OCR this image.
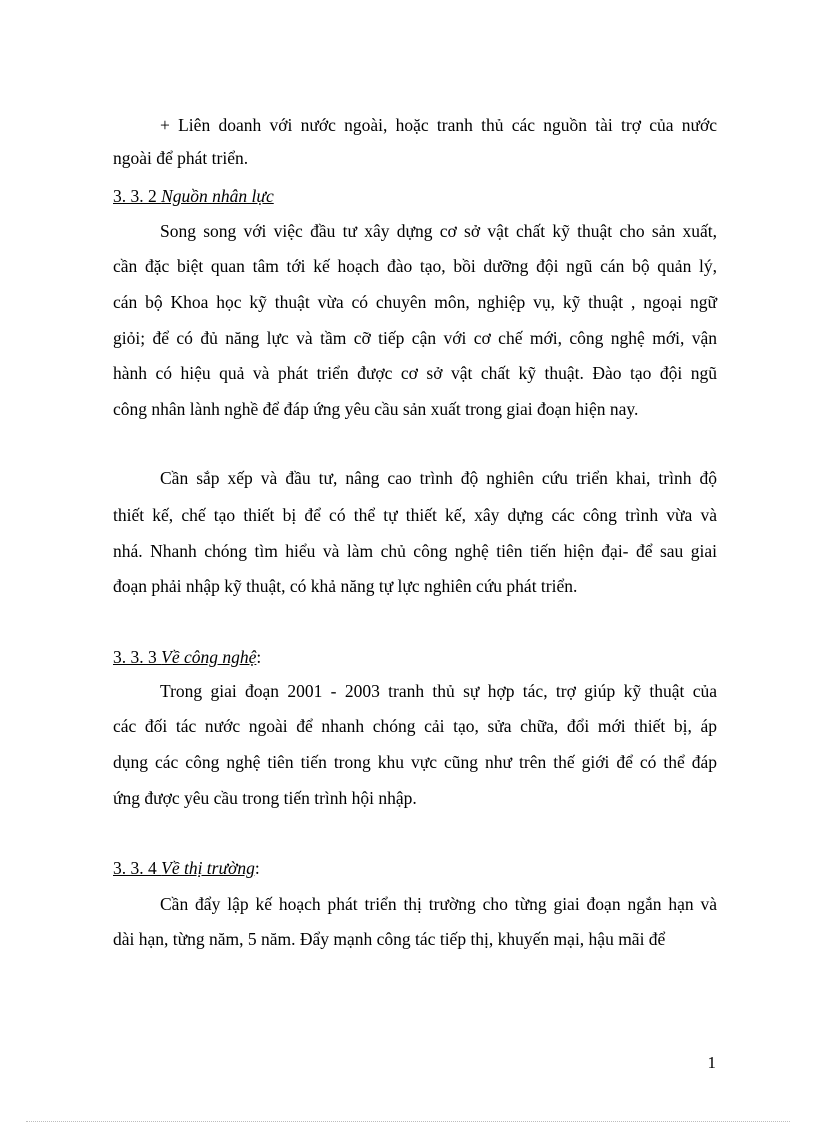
+ Liên doanh với nước ngoài, hoặc tranh thủ các nguồn tài trợ của nước
ngoài để phát triển.
3. 3. 2 Nguồn nhân lực
Song song với việc đầu tư xây dựng cơ sở vật chất kỹ thuật cho sản xuất,
cần đặc biệt quan tâm tới kế hoạch đào tạo, bồi dưỡng đội ngũ cán bộ quản lý,
cán bộ Khoa học kỹ thuật vừa có chuyên môn, nghiệp vụ, kỹ thuật , ngoại ngữ
giỏi; để có đủ năng lực và tầm cỡ tiếp cận với cơ chế mới, công nghệ mới, vận
hành có hiệu quả và phát triển được cơ sở vật chất kỹ thuật. Đào tạo đội ngũ
công nhân lành nghề để đáp ứng yêu cầu sản xuất trong giai đoạn hiện nay.
Cần sắp xếp và đầu tư, nâng cao trình độ nghiên cứu triển khai, trình độ
thiết kế, chế tạo thiết bị để có thể tự thiết kế, xây dựng các công trình vừa và
nhá. Nhanh chóng tìm hiểu và làm chủ công nghệ tiên tiến hiện đại- để sau giai
đoạn phải nhập kỹ thuật, có khả năng tự lực nghiên cứu phát triển.
3. 3. 3 Về công nghệ:
Trong giai đoạn 2001 - 2003 tranh thủ sự hợp tác, trợ giúp kỹ thuật của
các đối tác nước ngoài để nhanh chóng cải tạo, sửa chữa, đổi mới thiết bị, áp
dụng các công nghệ tiên tiến trong khu vực cũng như trên thế giới để có thể đáp
ứng được yêu cầu trong tiến trình hội nhập.
3. 3. 4 Về thị trường:
Cần đẩy lập kế hoạch phát triển thị trường cho từng giai đoạn ngắn hạn và
dài hạn, từng năm, 5 năm. Đẩy mạnh công tác tiếp thị, khuyến mại, hậu mãi để
1
